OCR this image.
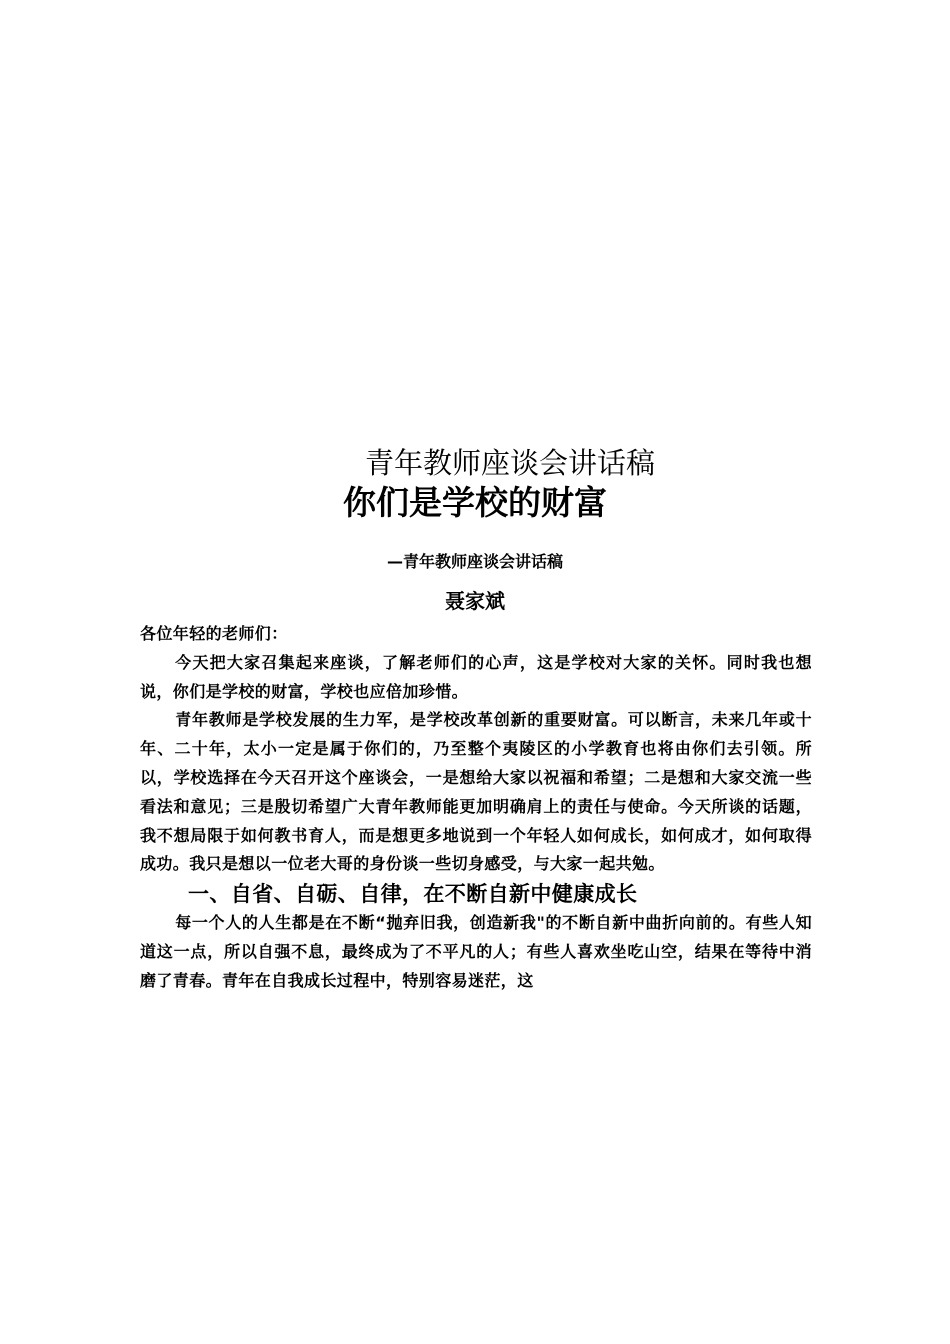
青年教师座谈会讲话稿
你们是学校的财富
—青年教师座谈会讲话稿
聂家斌

各位年轻的老师们：

今天把大家召集起来座谈，了解老师们的心声，这是学校对大家的关怀。同时我也想说，你们是学校的财富，学校也应倍加珍惜。

青年教师是学校发展的生力军，是学校改革创新的重要财富。可以断言，未来几年或十年、二十年，太小一定是属于你们的，乃至整个夷陵区的小学教育也将由你们去引领。所以，学校选择在今天召开这个座谈会，一是想给大家以祝福和希望；二是想和大家交流一些看法和意见；三是殷切希望广大青年教师能更加明确肩上的责任与使命。今天所谈的话题，我不想局限于如何教书育人，而是想更多地说到一个年轻人如何成长，如何成才，如何取得成功。我只是想以一位老大哥的身份谈一些切身感受，与大家一起共勉。

一、自省、自砺、自律，在不断自新中健康成长

每一个人的人生都是在不断“抛弃旧我，创造新我"的不断自新中曲折向前的。有些人知道这一点，所以自强不息，最终成为了不平凡的人；有些人喜欢坐吃山空，结果在等待中消磨了青春。青年在自我成长过程中，特别容易迷茫，这
